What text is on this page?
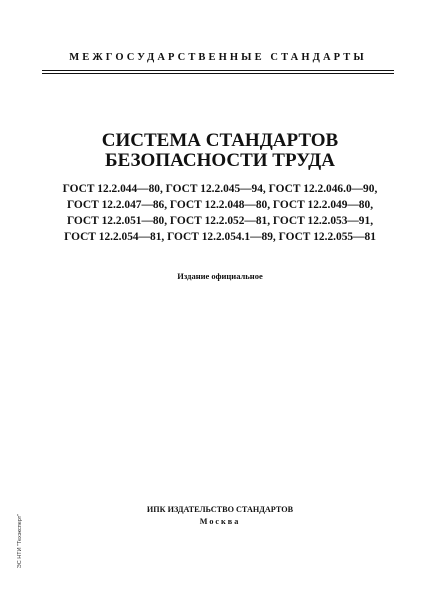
МЕЖГОСУДАРСТВЕННЫЕ СТАНДАРТЫ
СИСТЕМА СТАНДАРТОВ
БЕЗОПАСНОСТИ ТРУДА
ГОСТ 12.2.044—80, ГОСТ 12.2.045—94, ГОСТ 12.2.046.0—90,
ГОСТ 12.2.047—86, ГОСТ 12.2.048—80, ГОСТ 12.2.049—80,
ГОСТ 12.2.051—80, ГОСТ 12.2.052—81, ГОСТ 12.2.053—91,
ГОСТ 12.2.054—81, ГОСТ 12.2.054.1—89, ГОСТ 12.2.055—81
Издание официальное
ИПК ИЗДАТЕЛЬСТВО СТАНДАРТОВ
Москва
ЭС НТИ "Техэксперт"
